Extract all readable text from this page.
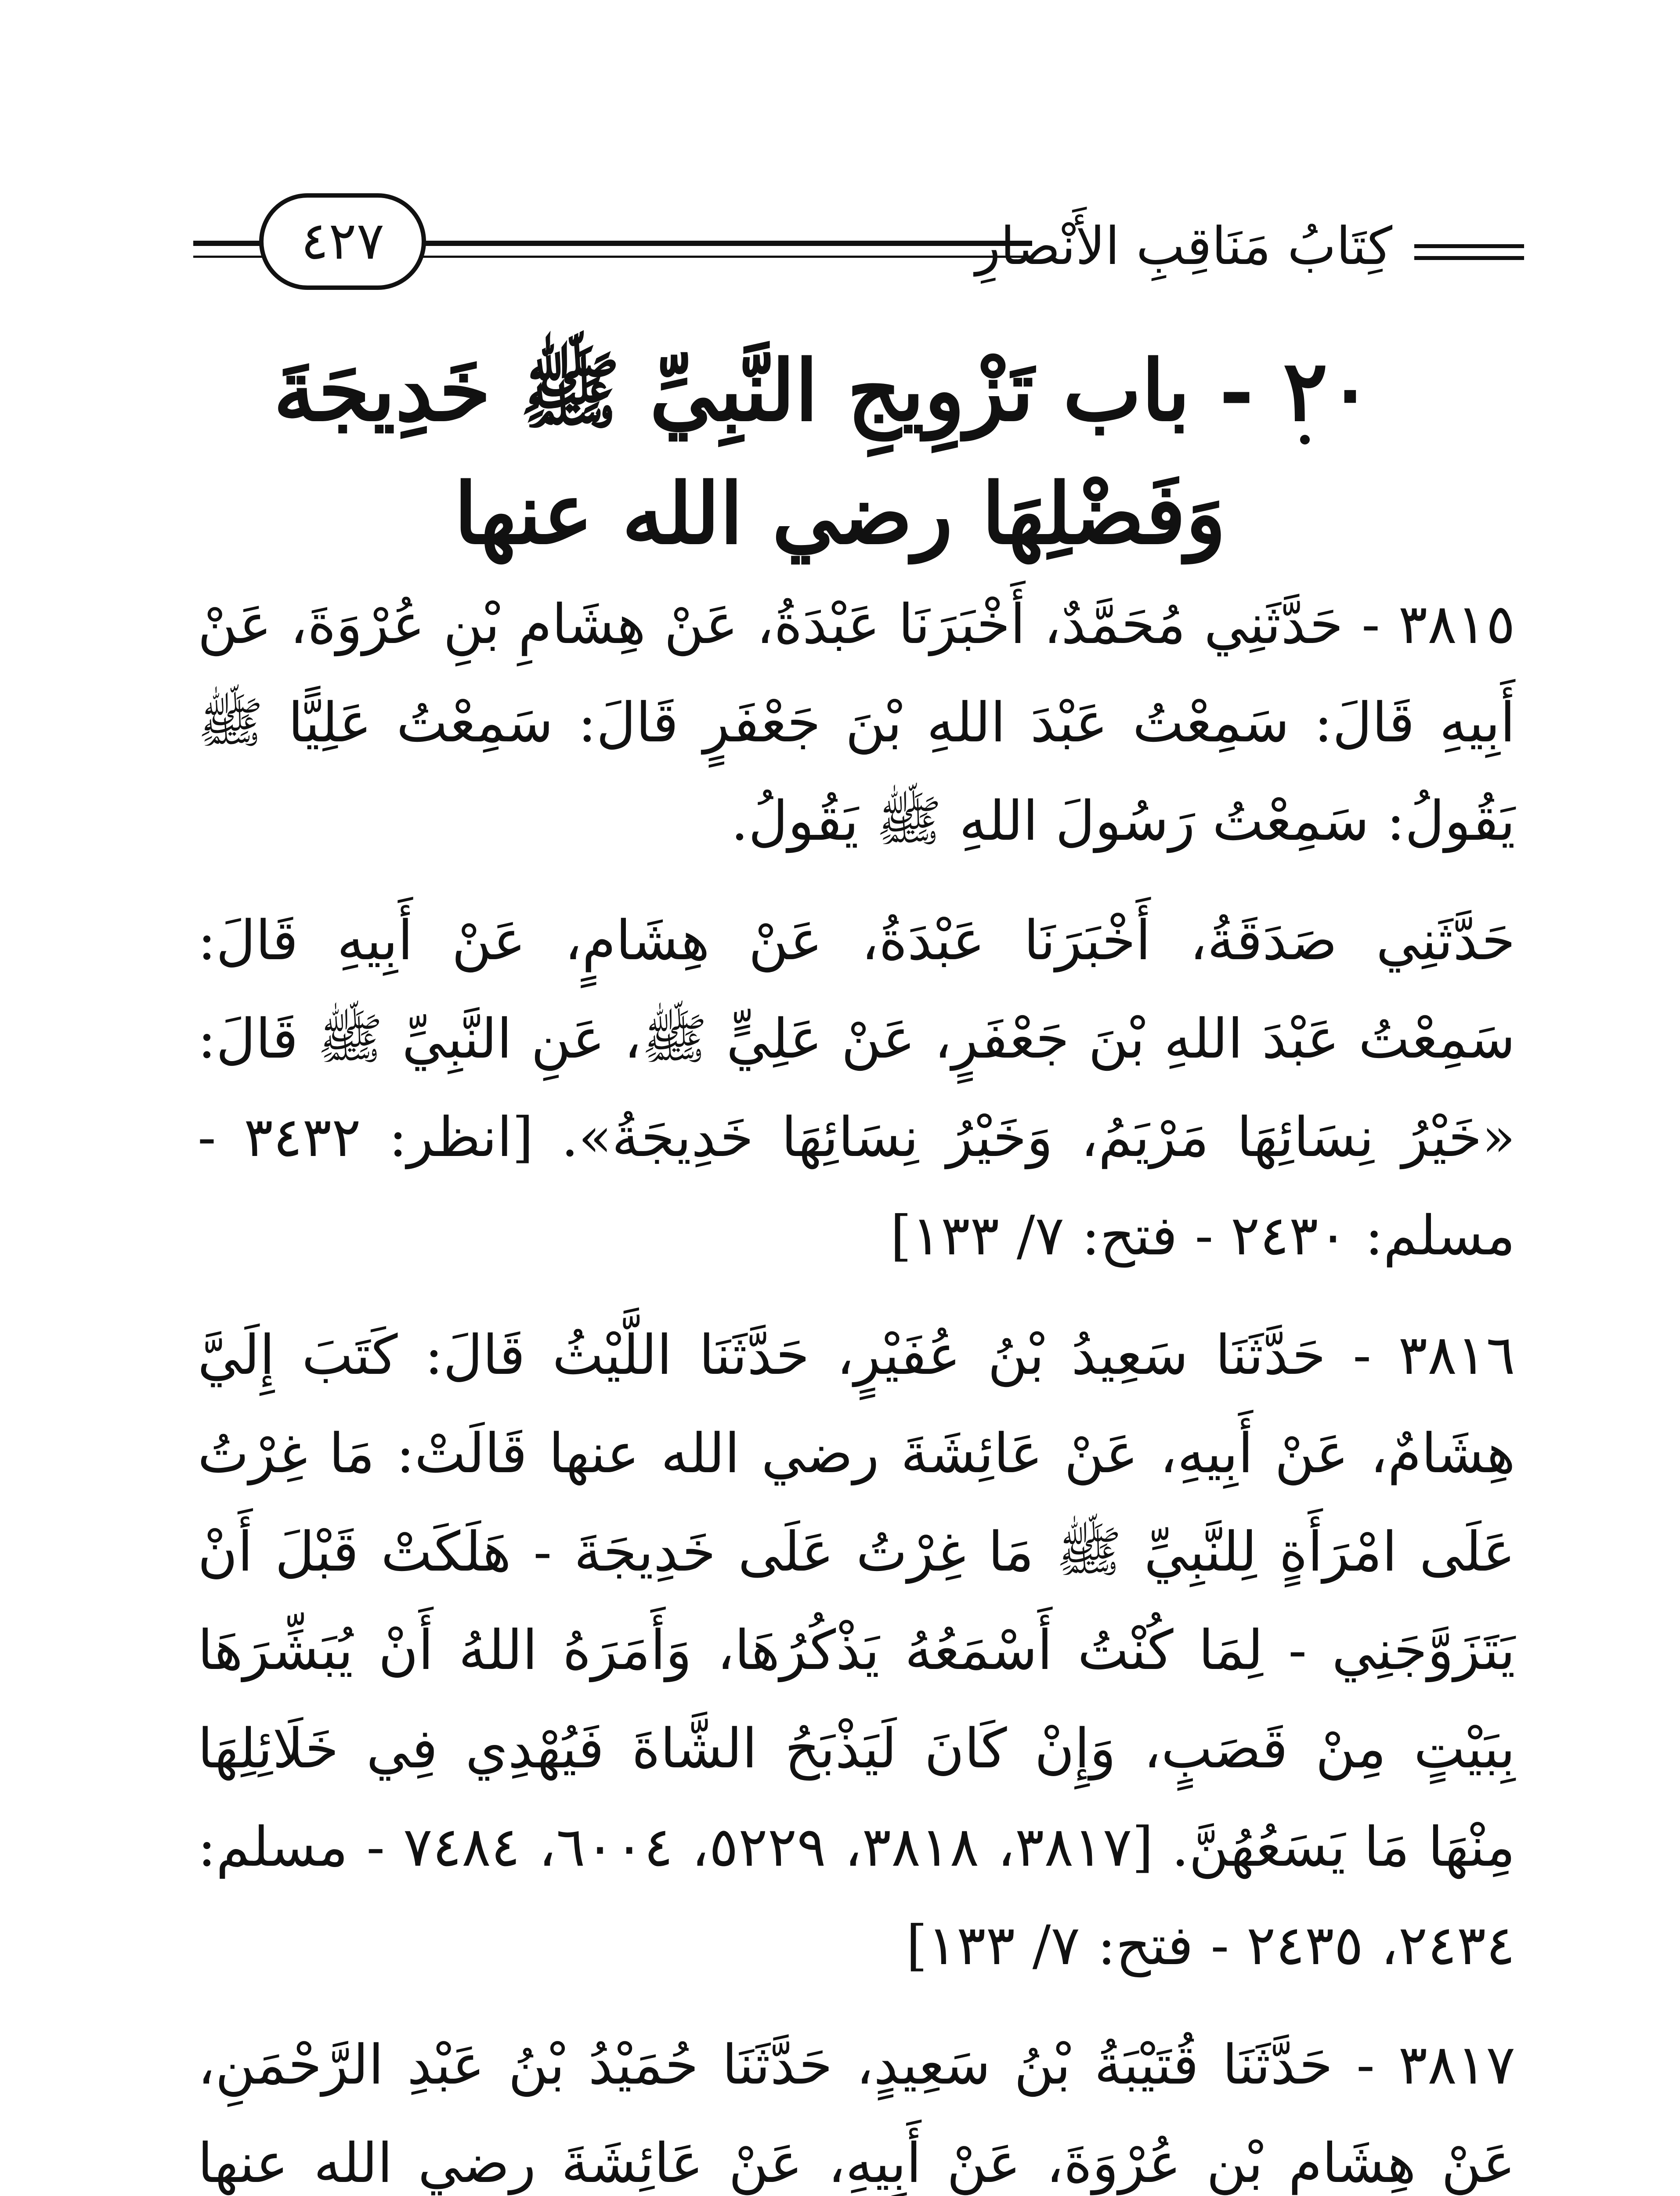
كِتَابُ مَنَاقِبِ الأَنْصارِ
٤٢٧
٢٠ - باب تَزْوِيجِ النَّبِيِّ ﷺ خَدِيجَةَ
وَفَضْلِهَا رضي الله عنها

٣٨١٥ - حَدَّثَنِي مُحَمَّدٌ، أَخْبَرَنَا عَبْدَةُ، عَنْ هِشَامِ بْنِ عُرْوَةَ، عَنْ أَبِيهِ قَالَ: سَمِعْتُ عَبْدَ اللهِ بْنَ جَعْفَرٍ قَالَ: سَمِعْتُ عَلِيًّا ﷺ يَقُولُ: سَمِعْتُ رَسُولَ اللهِ ﷺ يَقُولُ.

حَدَّثَنِي صَدَقَةُ، أَخْبَرَنَا عَبْدَةُ، عَنْ هِشَامٍ، عَنْ أَبِيهِ قَالَ: سَمِعْتُ عَبْدَ اللهِ بْنَ جَعْفَرٍ، عَنْ عَلِيٍّ ﷺ، عَنِ النَّبِيِّ ﷺ قَالَ: «خَيْرُ نِسَائِهَا مَرْيَمُ، وَخَيْرُ نِسَائِهَا خَدِيجَةُ». [انظر: ٣٤٣٢ - مسلم: ٢٤٣٠ - فتح: ٧/ ١٣٣]

٣٨١٦ - حَدَّثَنَا سَعِيدُ بْنُ عُفَيْرٍ، حَدَّثَنَا اللَّيْثُ قَالَ: كَتَبَ إِلَيَّ هِشَامٌ، عَنْ أَبِيهِ، عَنْ عَائِشَةَ رضي الله عنها قَالَتْ: مَا غِرْتُ عَلَى امْرَأَةٍ لِلنَّبِيِّ ﷺ مَا غِرْتُ عَلَى خَدِيجَةَ - هَلَكَتْ قَبْلَ أَنْ يَتَزَوَّجَنِي - لِمَا كُنْتُ أَسْمَعُهُ يَذْكُرُهَا، وَأَمَرَهُ اللهُ أَنْ يُبَشِّرَهَا بِبَيْتٍ مِنْ قَصَبٍ، وَإِنْ كَانَ لَيَذْبَحُ الشَّاةَ فَيُهْدِي فِي خَلَائِلِهَا مِنْهَا مَا يَسَعُهُنَّ. [٣٨١٧، ٣٨١٨، ٥٢٢٩، ٦٠٠٤، ٧٤٨٤ - مسلم: ٢٤٣٤، ٢٤٣٥ - فتح: ٧/ ١٣٣]

٣٨١٧ - حَدَّثَنَا قُتَيْبَةُ بْنُ سَعِيدٍ، حَدَّثَنَا حُمَيْدُ بْنُ عَبْدِ الرَّحْمَنِ، عَنْ هِشَامِ بْنِ عُرْوَةَ، عَنْ أَبِيهِ، عَنْ عَائِشَةَ رضي الله عنها
